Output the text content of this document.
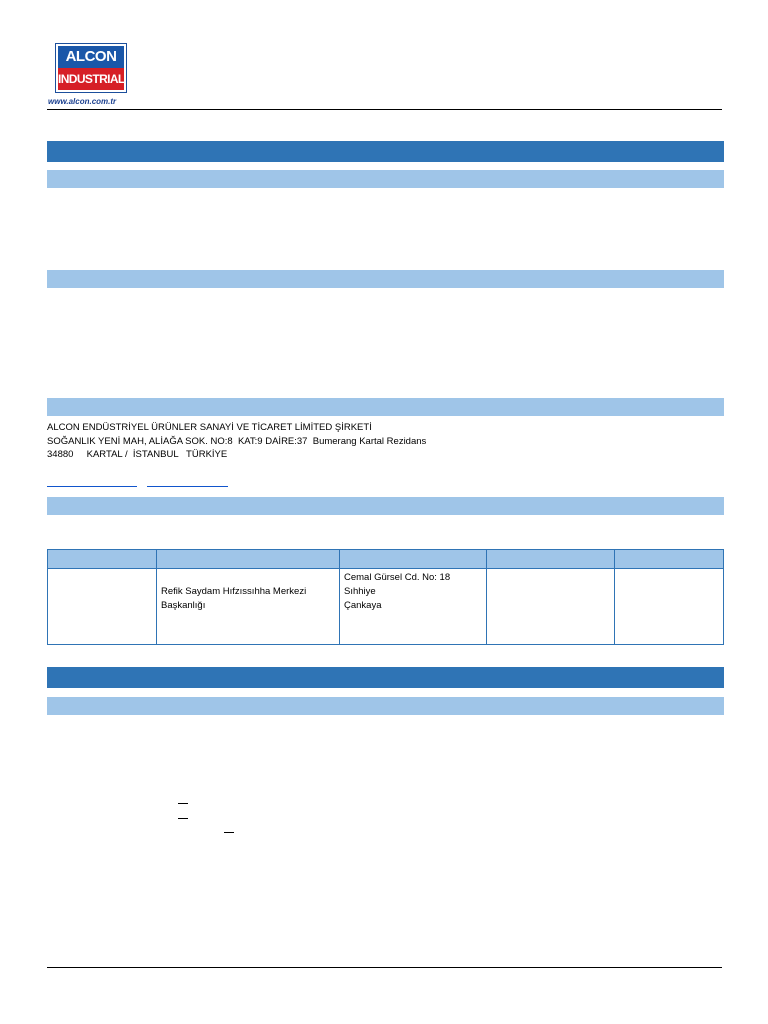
ALCON
INDUSTRIAL
www.alcon.com.tr
ALCON ENDÜSTRİYEL ÜRÜNLER SANAYİ VE TİCARET LİMİTED ŞİRKETİ
SOĞANLIK YENİ MAH, ALİAĞA SOK. NO:8  KAT:9 DAİRE:37  Bumerang Kartal Rezidans
34880     KARTAL /  İSTANBUL   TÜRKİYE

	Refik Saydam Hıfzıssıhha Merkezi Başkanlığı	Cemal Gürsel Cd. No: 18
Sıhhiye
Çankaya		
